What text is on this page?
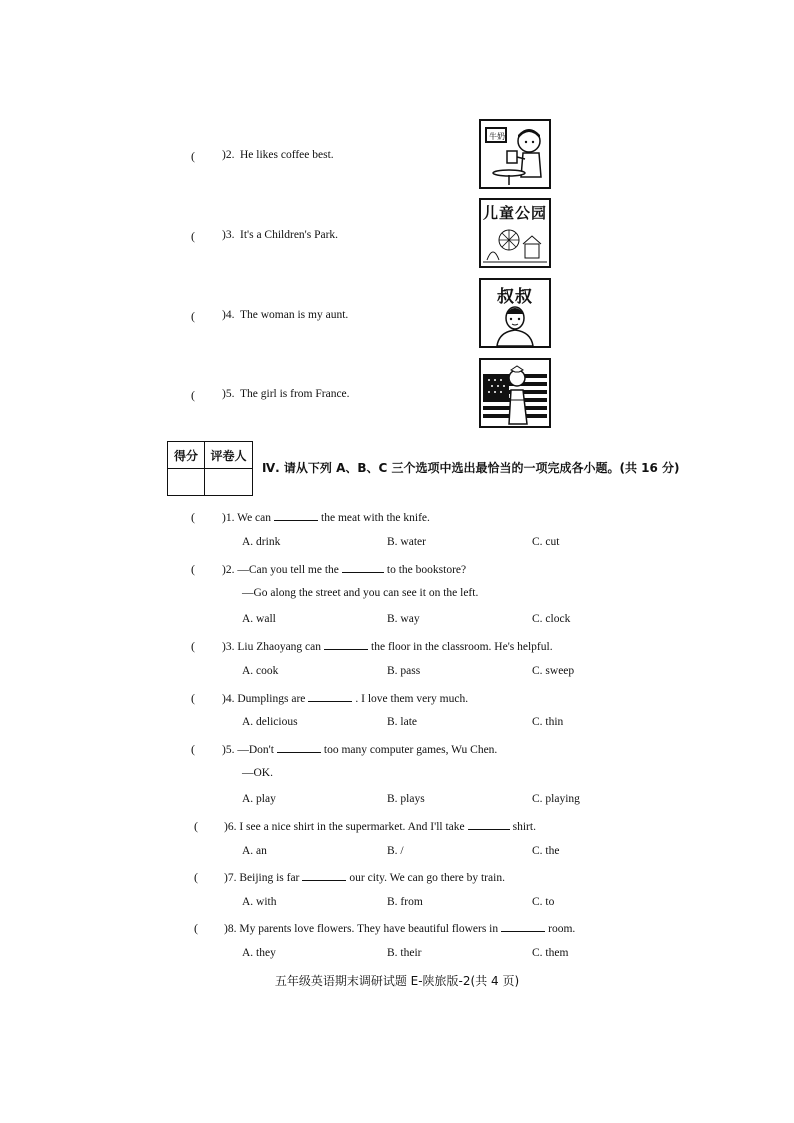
( )2. He likes coffee best.
( )3. It's a Children's Park.
( )4. The woman is my aunt.
( )5. The girl is from France.
牛奶
儿童公园
叔叔
得分	评卷人

Ⅳ. 请从下列 A、B、C 三个选项中选出最恰当的一项完成各小题。(共 16 分)
( )1. We can	the meat with the knife.
A. drink	B. water	C. cut
( )2. —Can you tell me the	to the bookstore?
—Go along the street and you can see it on the left.
A. wall	B. way	C. clock
( )3. Liu Zhaoyang can	the floor in the classroom. He's helpful.
A. cook	B. pass	C. sweep
( )4. Dumplings are	. I love them very much.
A. delicious	B. late	C. thin
( )5. —Don't	too many computer games, Wu Chen.
—OK.
A. play	B. plays	C. playing
( )6. I see a nice shirt in the supermarket. And I'll take	shirt.
A. an	B. /	C. the
( )7. Beijing is far	our city. We can go there by train.
A. with	B. from	C. to
( )8. My parents love flowers. They have beautiful flowers in	room.
A. they	B. their	C. them
五年级英语期末调研试题 E-陕旅版-2(共 4 页)
